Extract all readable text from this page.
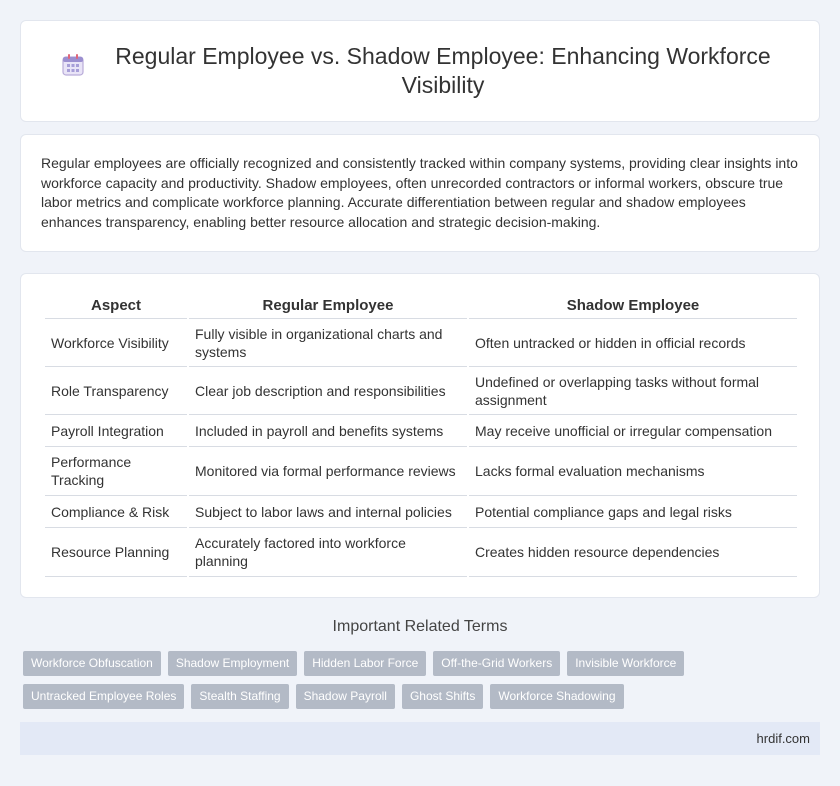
Regular Employee vs. Shadow Employee: Enhancing Workforce Visibility

Regular employees are officially recognized and consistently tracked within company systems, providing clear insights into workforce capacity and productivity. Shadow employees, often unrecorded contractors or informal workers, obscure true labor metrics and complicate workforce planning. Accurate differentiation between regular and shadow employees enhances transparency, enabling better resource allocation and strategic decision-making.

Aspect	Regular Employee	Shadow Employee
Workforce Visibility	Fully visible in organizational charts and systems	Often untracked or hidden in official records
Role Transparency	Clear job description and responsibilities	Undefined or overlapping tasks without formal assignment
Payroll Integration	Included in payroll and benefits systems	May receive unofficial or irregular compensation
Performance Tracking	Monitored via formal performance reviews	Lacks formal evaluation mechanisms
Compliance & Risk	Subject to labor laws and internal policies	Potential compliance gaps and legal risks
Resource Planning	Accurately factored into workforce planning	Creates hidden resource dependencies
Important Related Terms
Workforce Obfuscation	Shadow Employment	Hidden Labor Force	Off-the-Grid Workers	Invisible Workforce
Untracked Employee Roles	Stealth Staffing	Shadow Payroll	Ghost Shifts	Workforce Shadowing
hrdif.com
